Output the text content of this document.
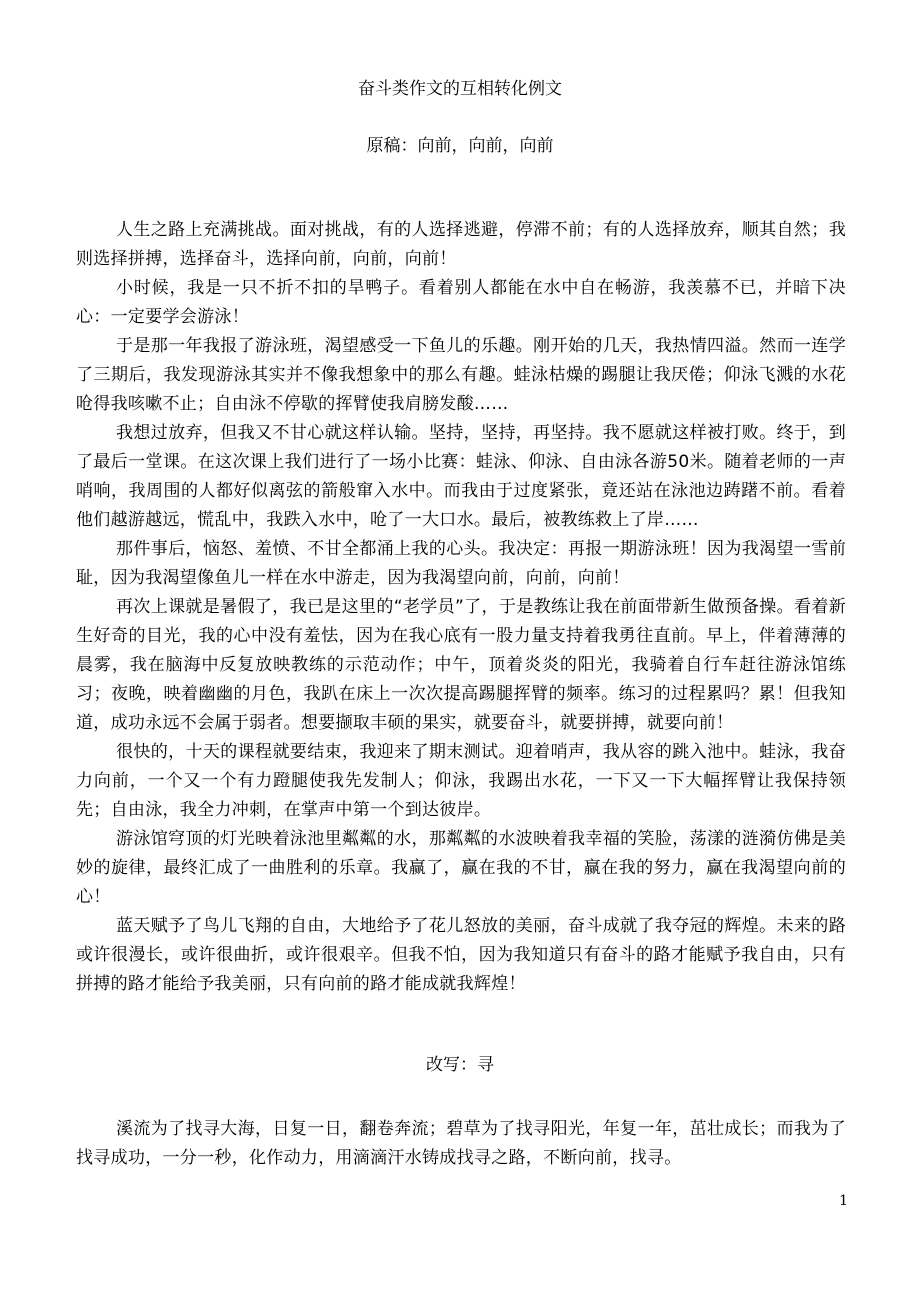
奋斗类作文的互相转化例文
原稿：向前，向前，向前

人生之路上充满挑战。面对挑战，有的人选择逃避，停滞不前；有的人选择放弃，顺其自然；我则选择拼搏，选择奋斗，选择向前，向前，向前！

小时候，我是一只不折不扣的旱鸭子。看着别人都能在水中自在畅游，我羡慕不已，并暗下决心：一定要学会游泳！

于是那一年我报了游泳班，渴望感受一下鱼儿的乐趣。刚开始的几天，我热情四溢。然而一连学了三期后，我发现游泳其实并不像我想象中的那么有趣。蛙泳枯燥的踢腿让我厌倦；仰泳飞溅的水花呛得我咳嗽不止；自由泳不停歇的挥臂使我肩膀发酸……

我想过放弃，但我又不甘心就这样认输。坚持，坚持，再坚持。我不愿就这样被打败。终于，到了最后一堂课。在这次课上我们进行了一场小比赛：蛙泳、仰泳、自由泳各游50米。随着老师的一声哨响，我周围的人都好似离弦的箭般窜入水中。而我由于过度紧张，竟还站在泳池边踌躇不前。看着他们越游越远，慌乱中，我跌入水中，呛了一大口水。最后，被教练救上了岸……

那件事后，恼怒、羞愤、不甘全都涌上我的心头。我决定：再报一期游泳班！因为我渴望一雪前耻，因为我渴望像鱼儿一样在水中游走，因为我渴望向前，向前，向前！

再次上课就是暑假了，我已是这里的“老学员”了，于是教练让我在前面带新生做预备操。看着新生好奇的目光，我的心中没有羞怯，因为在我心底有一股力量支持着我勇往直前。早上，伴着薄薄的晨雾，我在脑海中反复放映教练的示范动作；中午，顶着炎炎的阳光，我骑着自行车赶往游泳馆练习；夜晚，映着幽幽的月色，我趴在床上一次次提高踢腿挥臂的频率。练习的过程累吗？累！但我知道，成功永远不会属于弱者。想要撷取丰硕的果实，就要奋斗，就要拼搏，就要向前！

很快的，十天的课程就要结束，我迎来了期末测试。迎着哨声，我从容的跳入池中。蛙泳，我奋力向前，一个又一个有力蹬腿使我先发制人；仰泳，我踢出水花，一下又一下大幅挥臂让我保持领先；自由泳，我全力冲刺，在掌声中第一个到达彼岸。

游泳馆穹顶的灯光映着泳池里粼粼的水，那粼粼的水波映着我幸福的笑脸，荡漾的涟漪仿佛是美妙的旋律，最终汇成了一曲胜利的乐章。我赢了，赢在我的不甘，赢在我的努力，赢在我渴望向前的心！

蓝天赋予了鸟儿飞翔的自由，大地给予了花儿怒放的美丽，奋斗成就了我夺冠的辉煌。未来的路或许很漫长，或许很曲折，或许很艰辛。但我不怕，因为我知道只有奋斗的路才能赋予我自由，只有拼搏的路才能给予我美丽，只有向前的路才能成就我辉煌！

改写：寻

溪流为了找寻大海，日复一日，翻卷奔流；碧草为了找寻阳光，年复一年，茁壮成长；而我为了找寻成功，一分一秒，化作动力，用滴滴汗水铸成找寻之路，不断向前，找寻。

1
